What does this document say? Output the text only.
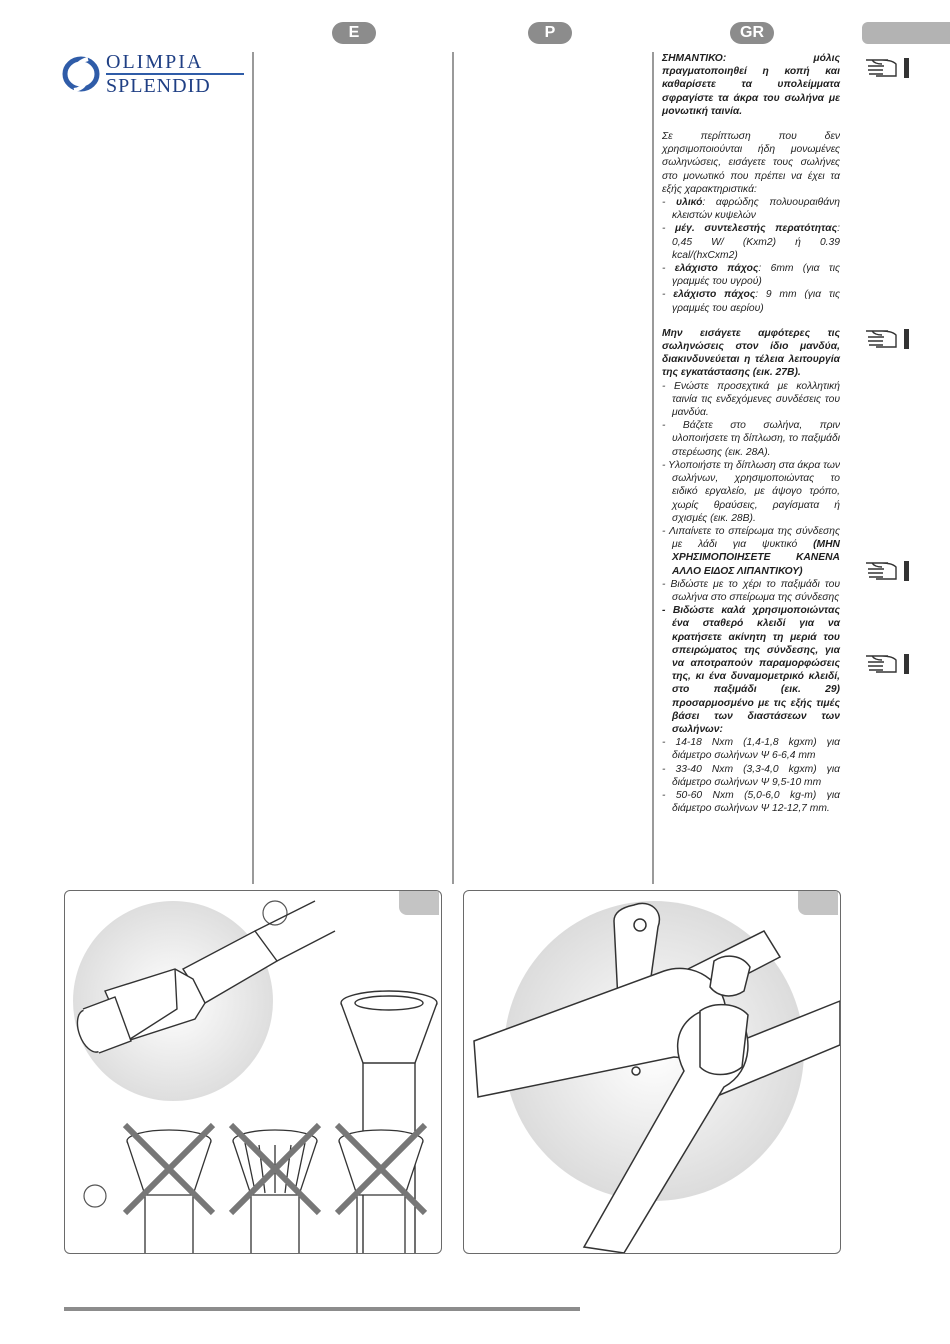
OLIMPIA
SPLENDID
E	P	GR

ΣΗΜΑΝΤΙΚΟ: μόλις πραγματοποιηθεί η κοπή και καθαρίσετε τα υπολείμματα σφραγίστε τα άκρα του σωλήνα με μονωτική ταινία.

Σε περίπτωση που δεν χρησιμοποιούνται ήδη μονωμένες σωληνώσεις, εισάγετε τους σωλήνες στο μονωτικό που πρέπει να έχει τα εξής χαρακτηριστικά:

- υλικό: αφρώδης πολυουραιθάνη κλειστών κυψελών

- μέγ. συντελεστής περατότητας: 0,45 W/ (Kxm2) ή 0.39 kcal/(hxCxm2)

- ελάχιστο πάχος: 6mm (για τις γραμμές του υγρού)

- ελάχιστο πάχος: 9 mm (για τις γραμμές του αερίου)

Μην εισάγετε αμφότερες τις σωληνώσεις στον ίδιο μανδύα, διακινδυνεύεται η τέλεια λειτουργία της εγκατάστασης (εικ. 27B).

- Ενώστε προσεχτικά με κολλητική ταινία τις ενδεχόμενες συνδέσεις του μανδύα.

- Βάζετε στο σωλήνα, πριν υλοποιήσετε τη δίπλωση, το παξιμάδι στερέωσης (εικ. 28A).

- Υλοποιήστε τη δίπλωση στα άκρα των σωλήνων, χρησιμοποιώντας το ειδικό εργαλείο, με άψογο τρόπο, χωρίς θραύσεις, ραγίσματα ή σχισμές (εικ. 28B).

- Λιπαίνετε το σπείρωμα της σύνδεσης με λάδι για ψυκτικό (ΜΗΝ ΧΡΗΣΙΜΟΠΟΙΗΣΕΤΕ ΚΑΝΕΝΑ ΑΛΛΟ ΕΙΔΟΣ ΛΙΠΑΝΤΙΚΟΥ)

- Βιδώστε με το χέρι το παξιμάδι του σωλήνα στο σπείρωμα της σύνδεσης

- Βιδώστε καλά χρησιμοποιώντας ένα σταθερό κλειδί για να κρατήσετε ακίνητη τη μεριά του σπειρώματος της σύνδεσης, για να αποτραπούν παραμορφώσεις της, κι ένα δυναμομετρικό κλειδί, στο παξιμάδι (εικ. 29) προσαρμοσμένο με τις εξής τιμές βάσει των διαστάσεων των σωλήνων:

- 14-18 Nxm (1,4-1,8 kgxm) για διάμετρο σωλήνων Ψ 6-6,4 mm

- 33-40 Nxm (3,3-4,0 kgxm) για διάμετρο σωλήνων Ψ 9,5-10 mm

- 50-60 Nxm (5,0-6,0 kg-m) για διάμετρο σωλήνων Ψ 12-12,7 mm.
